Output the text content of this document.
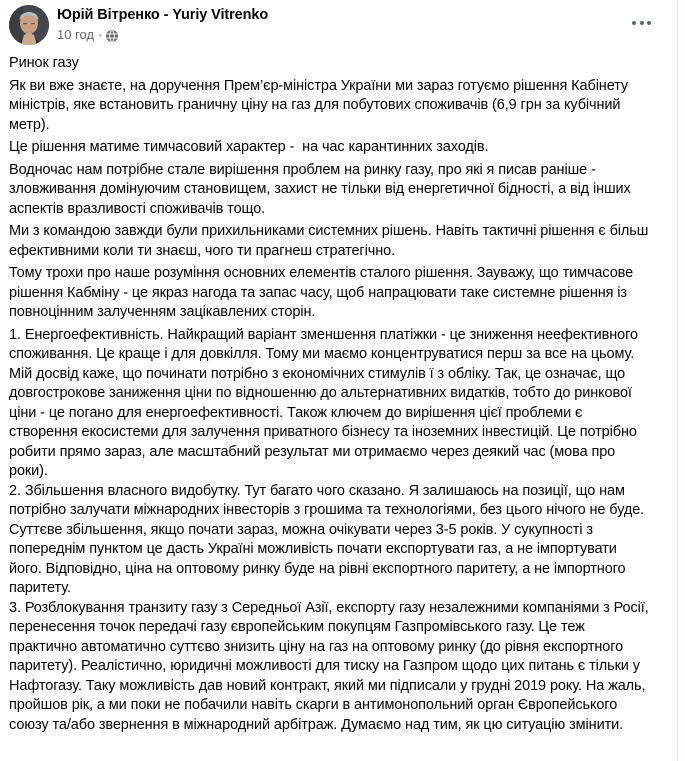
Юрій Вітренко - Yuriy Vitrenko
10 год ·

Ринок газу

Як ви вже знаєте, на доручення Прем’єр-міністра України ми зараз готуємо рішення Кабінету міністрів, яке встановить граничну ціну на газ для побутових споживачів (6,9 грн за кубічний метр).

Це рішення матиме тимчасовий характер -  на час карантинних заходів.

Водночас нам потрібне стале вирішення проблем на ринку газу, про які я писав раніше - зловживання домінуючим становищем, захист не тільки від енергетичної бідності, а від інших аспектів вразливості споживачів тощо.

Ми з командою завжди були прихильниками системних рішень. Навіть тактичні рішення є більш ефективними коли ти знаєш, чого ти прагнеш стратегічно.

Тому трохи про наше розуміння основних елементів сталого рішення. Зауважу, що тимчасове рішення Кабміну - це якраз нагода та запас часу, щоб напрацювати таке системне рішення із повноцінним залученням зацікавлених сторін.

1. Енергоефективність. Найкращий варіант зменшення платіжки - це зниження неефективного споживання. Це краще і для довкілля. Тому ми маємо концентруватися перш за все на цьому. Мій досвід каже, що починати потрібно з економічних стимулів ї з обліку. Так, це означає, що довгострокове заниження ціни по відношенню до альтернативних видатків, тобто до ринкової ціни - це погано для енергоефективності. Також ключем до вирішення цієї проблеми є створення екосистеми для залучення приватного бізнесу та іноземних інвестицій. Це потрібно робити прямо зараз, але масштабний результат ми отримаємо через деякий час (мова про роки).
2. Збільшення власного видобутку. Тут багато чого сказано. Я залишаюсь на позиції, що нам потрібно залучати міжнародних інвесторів з грошима та технологіями, без цього нічого не буде. Суттєве збільшення, якщо почати зараз, можна очікувати через 3-5 років. У сукупності з попереднім пунктом це дасть Україні можливість почати експортувати газ, а не імпортувати його. Відповідно, ціна на оптовому ринку буде на рівні експортного паритету, а не імпортного паритету.
3. Розблокування транзиту газу з Середньої Азії, експорту газу незалежними компаніями з Росії, перенесення точок передачі газу європейським покупцям Газпромівського газу. Це теж практично автоматично суттєво знизить ціну на газ на оптовому ринку (до рівня експортного паритету). Реалістично, юридичні можливості для тиску на Газпром щодо цих питань є тільки у Нафтогазу. Таку можливість дав новий контракт, який ми підписали у грудні 2019 року. На жаль,  пройшов рік, а ми поки не побачили навіть скарги в антимонопольний орган Європейського союзу та/або звернення в міжнародний арбітраж. Думаємо над тим, як цю ситуацію змінити.
